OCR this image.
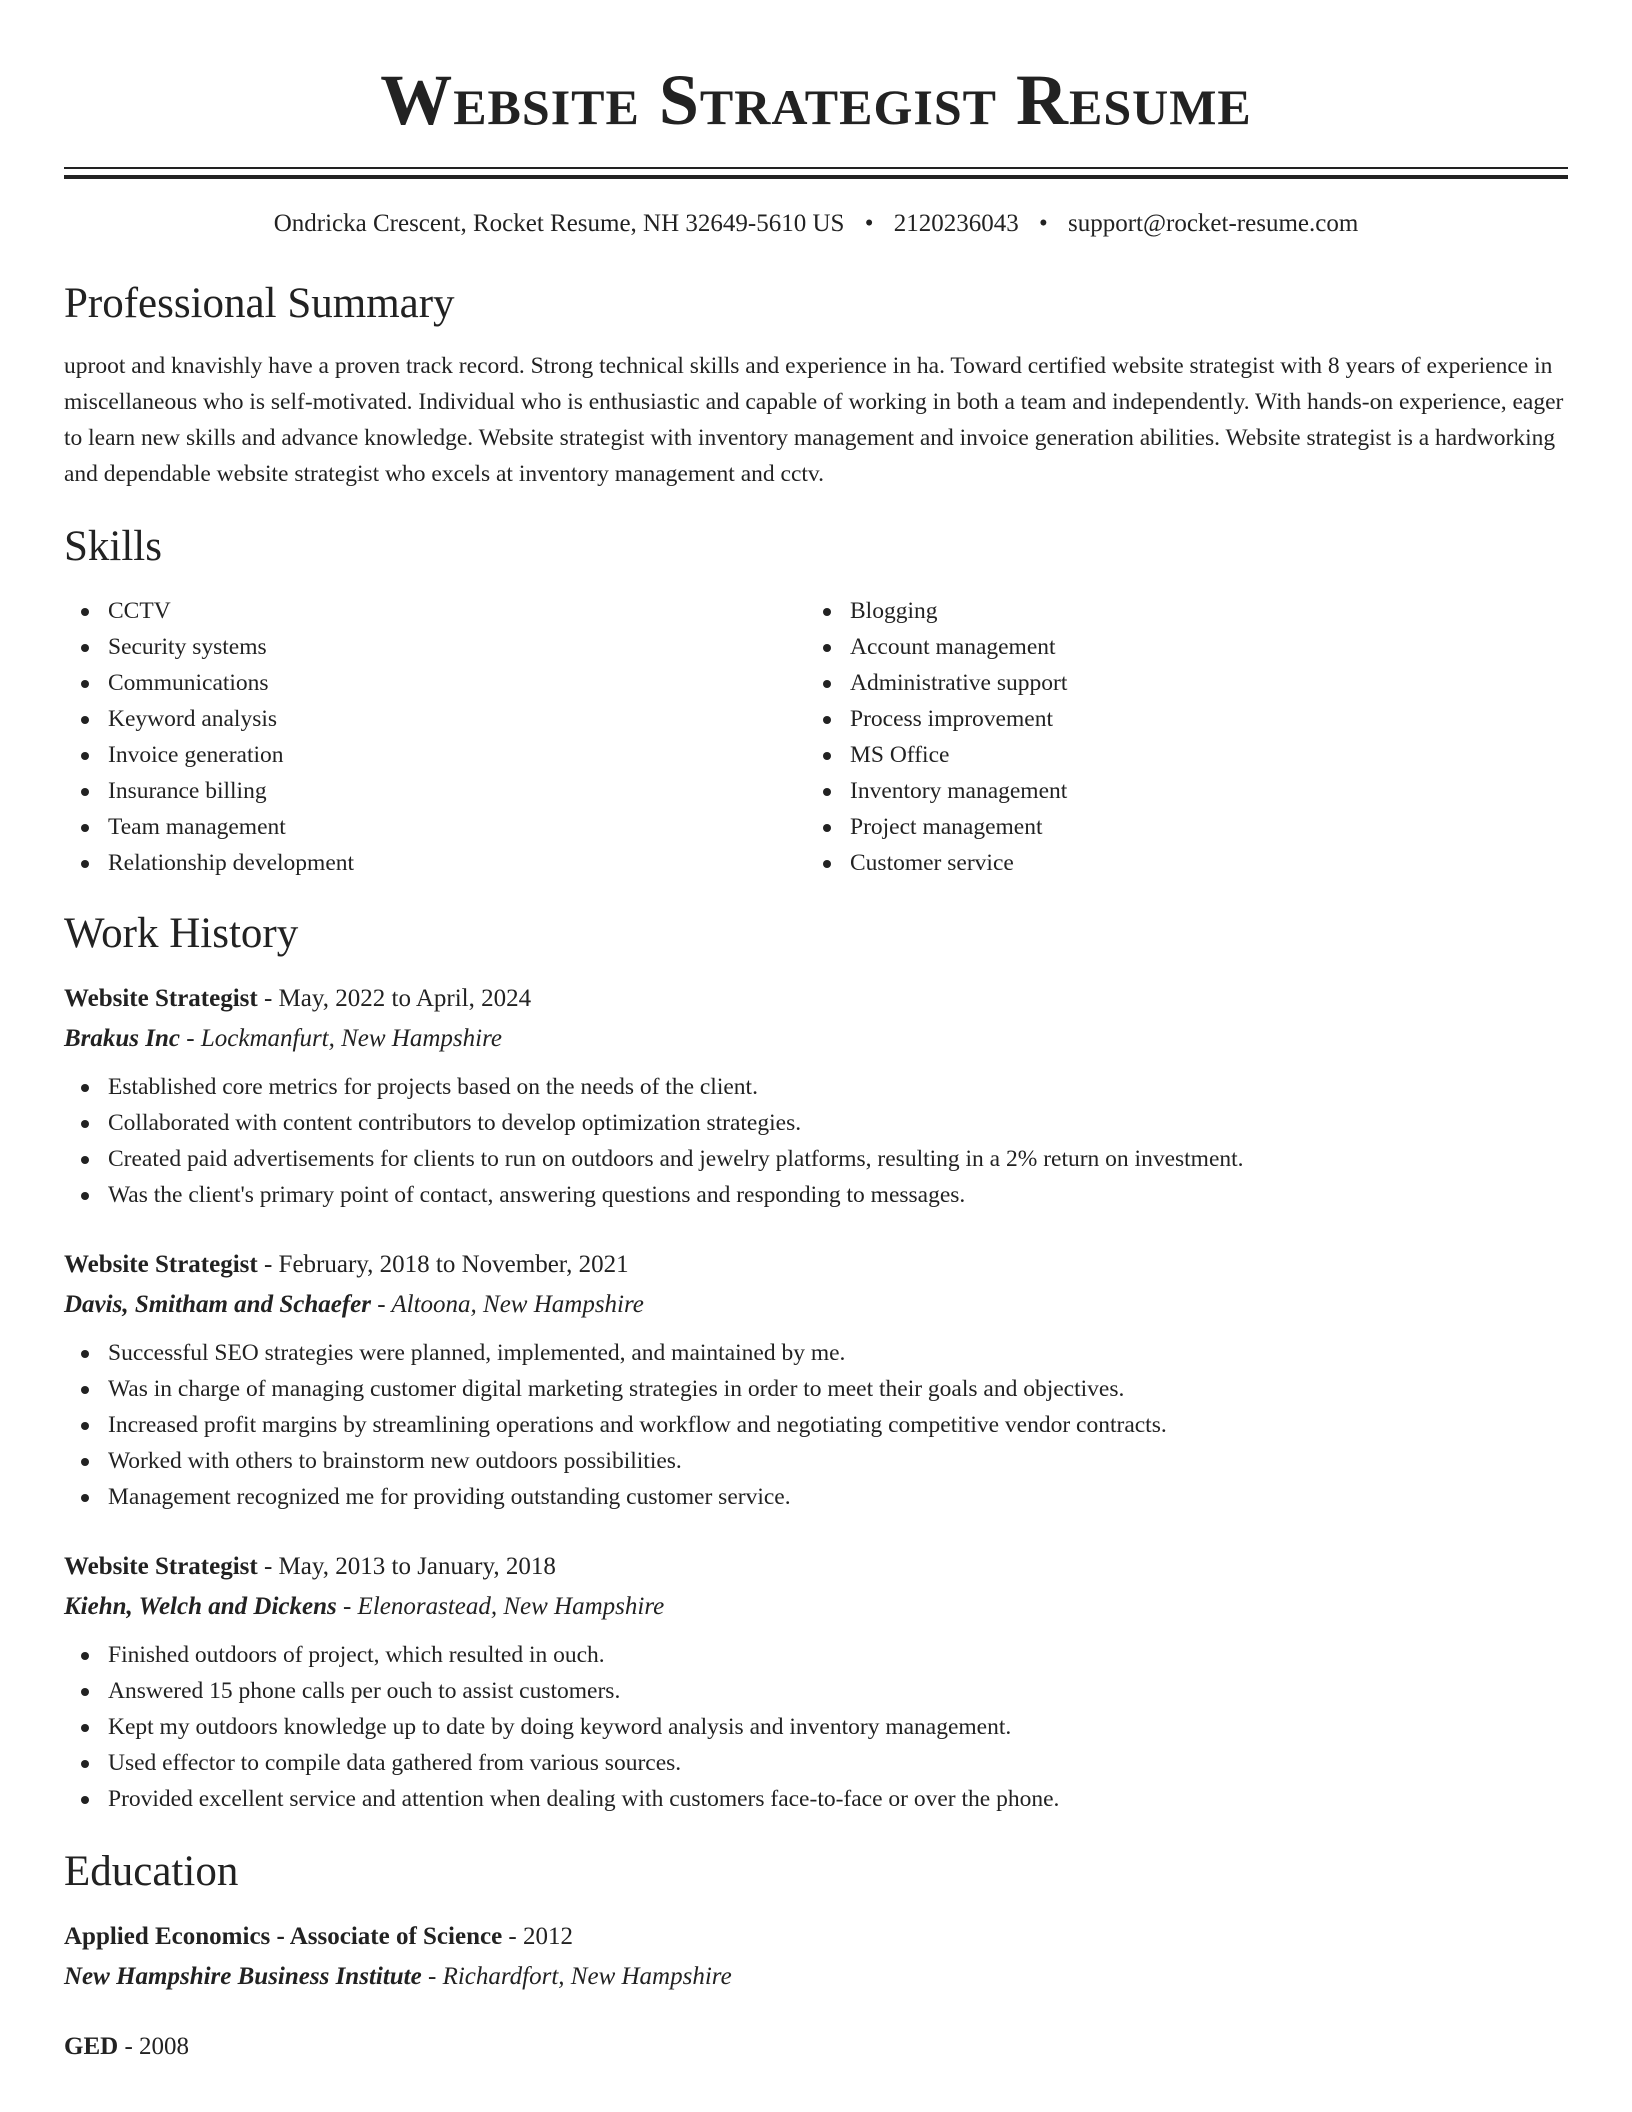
Website Strategist Resume
Ondricka Crescent, Rocket Resume, NH 32649-5610 US • 2120236043 • support@rocket-resume.com
Professional Summary

uproot and knavishly have a proven track record. Strong technical skills and experience in ha. Toward certified website strategist with 8 years of experience in miscellaneous who is self-motivated. Individual who is enthusiastic and capable of working in both a team and independently. With hands-on experience, eager to learn new skills and advance knowledge. Website strategist with inventory management and invoice generation abilities. Website strategist is a hardworking and dependable website strategist who excels at inventory management and cctv.

Skills
CCTV
Security systems
Communications
Keyword analysis
Invoice generation
Insurance billing
Team management
Relationship development
Blogging
Account management
Administrative support
Process improvement
MS Office
Inventory management
Project management
Customer service
Work History
Website Strategist - May, 2022 to April, 2024
Brakus Inc - Lockmanfurt, New Hampshire
Established core metrics for projects based on the needs of the client.
Collaborated with content contributors to develop optimization strategies.
Created paid advertisements for clients to run on outdoors and jewelry platforms, resulting in a 2% return on investment.
Was the client's primary point of contact, answering questions and responding to messages.
Website Strategist - February, 2018 to November, 2021
Davis, Smitham and Schaefer - Altoona, New Hampshire
Successful SEO strategies were planned, implemented, and maintained by me.
Was in charge of managing customer digital marketing strategies in order to meet their goals and objectives.
Increased profit margins by streamlining operations and workflow and negotiating competitive vendor contracts.
Worked with others to brainstorm new outdoors possibilities.
Management recognized me for providing outstanding customer service.
Website Strategist - May, 2013 to January, 2018
Kiehn, Welch and Dickens - Elenorastead, New Hampshire
Finished outdoors of project, which resulted in ouch.
Answered 15 phone calls per ouch to assist customers.
Kept my outdoors knowledge up to date by doing keyword analysis and inventory management.
Used effector to compile data gathered from various sources.
Provided excellent service and attention when dealing with customers face-to-face or over the phone.
Education
Applied Economics - Associate of Science - 2012
New Hampshire Business Institute - Richardfort, New Hampshire
GED - 2008
